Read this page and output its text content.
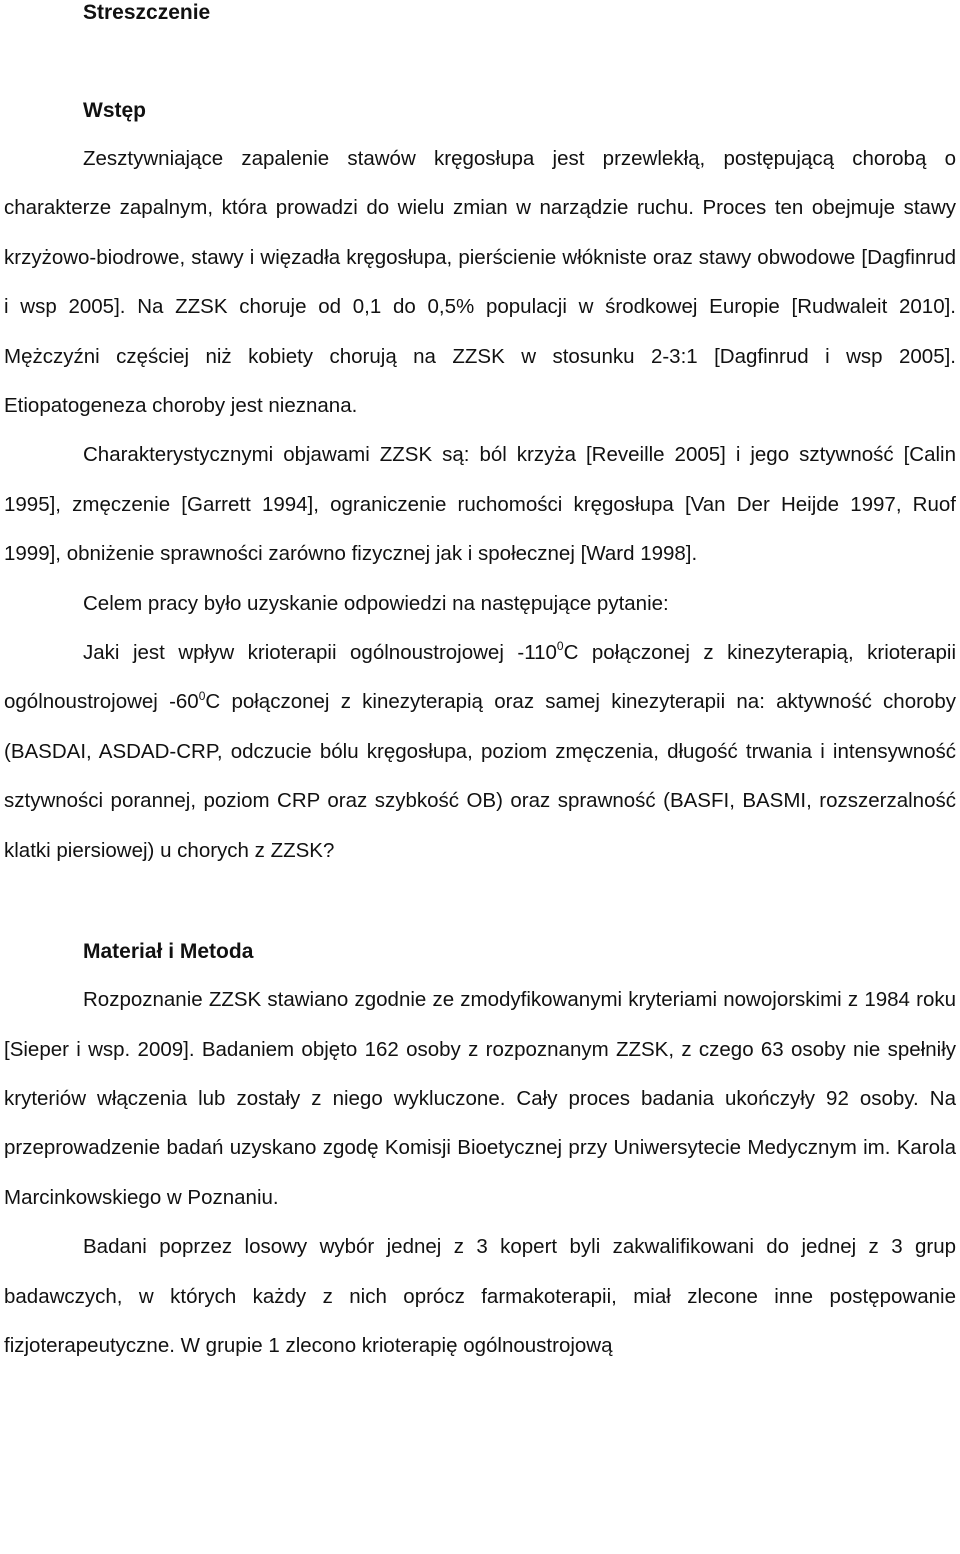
Streszczenie
Wstęp

Zesztywniające zapalenie stawów kręgosłupa jest przewlekłą, postępującą chorobą o charakterze zapalnym, która prowadzi do wielu zmian w narządzie ruchu. Proces ten obejmuje stawy krzyżowo-biodrowe, stawy i więzadła kręgosłupa, pierścienie włókniste oraz stawy obwodowe [Dagfinrud i wsp 2005]. Na ZZSK choruje od 0,1 do 0,5% populacji w środkowej Europie [Rudwaleit 2010]. Mężczyźni częściej niż kobiety chorują na ZZSK w stosunku 2-3:1 [Dagfinrud i wsp 2005]. Etiopatogeneza choroby jest nieznana.

Charakterystycznymi objawami ZZSK są: ból krzyża [Reveille 2005] i jego sztywność [Calin 1995], zmęczenie [Garrett 1994], ograniczenie ruchomości kręgosłupa [Van Der Heijde 1997, Ruof 1999], obniżenie sprawności zarówno fizycznej jak i społecznej [Ward 1998].

Celem pracy było uzyskanie odpowiedzi na następujące pytanie:

Jaki jest wpływ krioterapii ogólnoustrojowej $-110^0C$ połączonej z kinezyterapią, krioterapii ogólnoustrojowej $-60^0C$ połączonej z kinezyterapią oraz samej kinezyterapii na: aktywność choroby (BASDAI, ASDAD-CRP, odczucie bólu kręgosłupa, poziom zmęczenia, długość trwania i intensywność sztywności porannej, poziom CRP oraz szybkość OB) oraz sprawność (BASFI, BASMI, rozszerzalność klatki piersiowej) u chorych z ZZSK?

Materiał i Metoda

Rozpoznanie ZZSK stawiano zgodnie ze zmodyfikowanymi kryteriami nowojorskimi z 1984 roku [Sieper i wsp. 2009]. Badaniem objęto 162 osoby z rozpoznanym ZZSK, z czego 63 osoby nie spełniły kryteriów włączenia lub zostały z niego wykluczone. Cały proces badania ukończyły 92 osoby. Na przeprowadzenie badań uzyskano zgodę Komisji Bioetycznej przy Uniwersytecie Medycznym im. Karola Marcinkowskiego w Poznaniu.

Badani poprzez losowy wybór jednej z 3 kopert byli zakwalifikowani do jednej z 3 grup badawczych, w których każdy z nich oprócz farmakoterapii, miał zlecone inne postępowanie fizjoterapeutyczne. W grupie 1 zlecono krioterapię ogólnoustrojową
